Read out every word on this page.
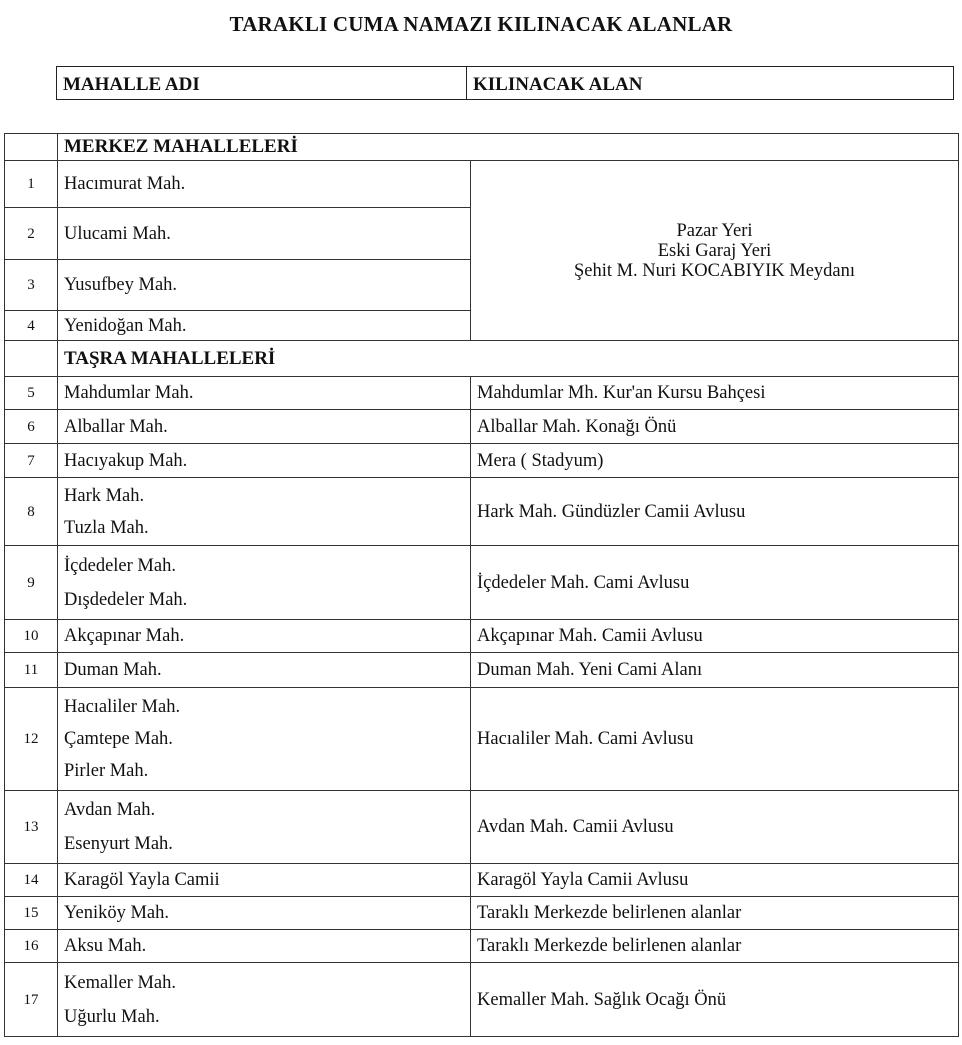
TARAKLI CUMA NAMAZI KILINACAK ALANLAR
MAHALLE ADI	KILINACAK ALAN
	MERKEZ MAHALLELERİ	
1	Hacımurat Mah.	Pazar Yeri
Eski Garaj Yeri
Şehit M. Nuri KOCABIYIK Meydanı

2	Ulucami Mah.	
3	Yusufbey Mah.	
4	Yenidoğan Mah.	
	TAŞRA MAHALLELERİ	
5	Mahdumlar Mah.	Mahdumlar Mh. Kur'an Kursu Bahçesi
6	Alballar Mah.	Alballar Mah. Konağı Önü
7	Hacıyakup Mah.	Mera ( Stadyum)
8	Hark Mah.
Tuzla Mah.	Hark Mah. Gündüzler Camii Avlusu
9	İçdedeler Mah.
Dışdedeler Mah.	İçdedeler Mah. Cami Avlusu
10	Akçapınar Mah.	Akçapınar Mah. Camii Avlusu
11	Duman Mah.	Duman Mah. Yeni Cami Alanı
12	Hacıaliler Mah.
Çamtepe Mah.
Pirler Mah.	Hacıaliler Mah. Cami Avlusu
13	Avdan Mah.
Esenyurt Mah.	Avdan Mah. Camii Avlusu
14	Karagöl Yayla Camii	Karagöl Yayla Camii Avlusu
15	Yeniköy Mah.	Taraklı Merkezde belirlenen alanlar
16	Aksu Mah.	Taraklı Merkezde belirlenen alanlar
17	Kemaller Mah.
Uğurlu Mah.	Kemaller Mah. Sağlık Ocağı Önü
